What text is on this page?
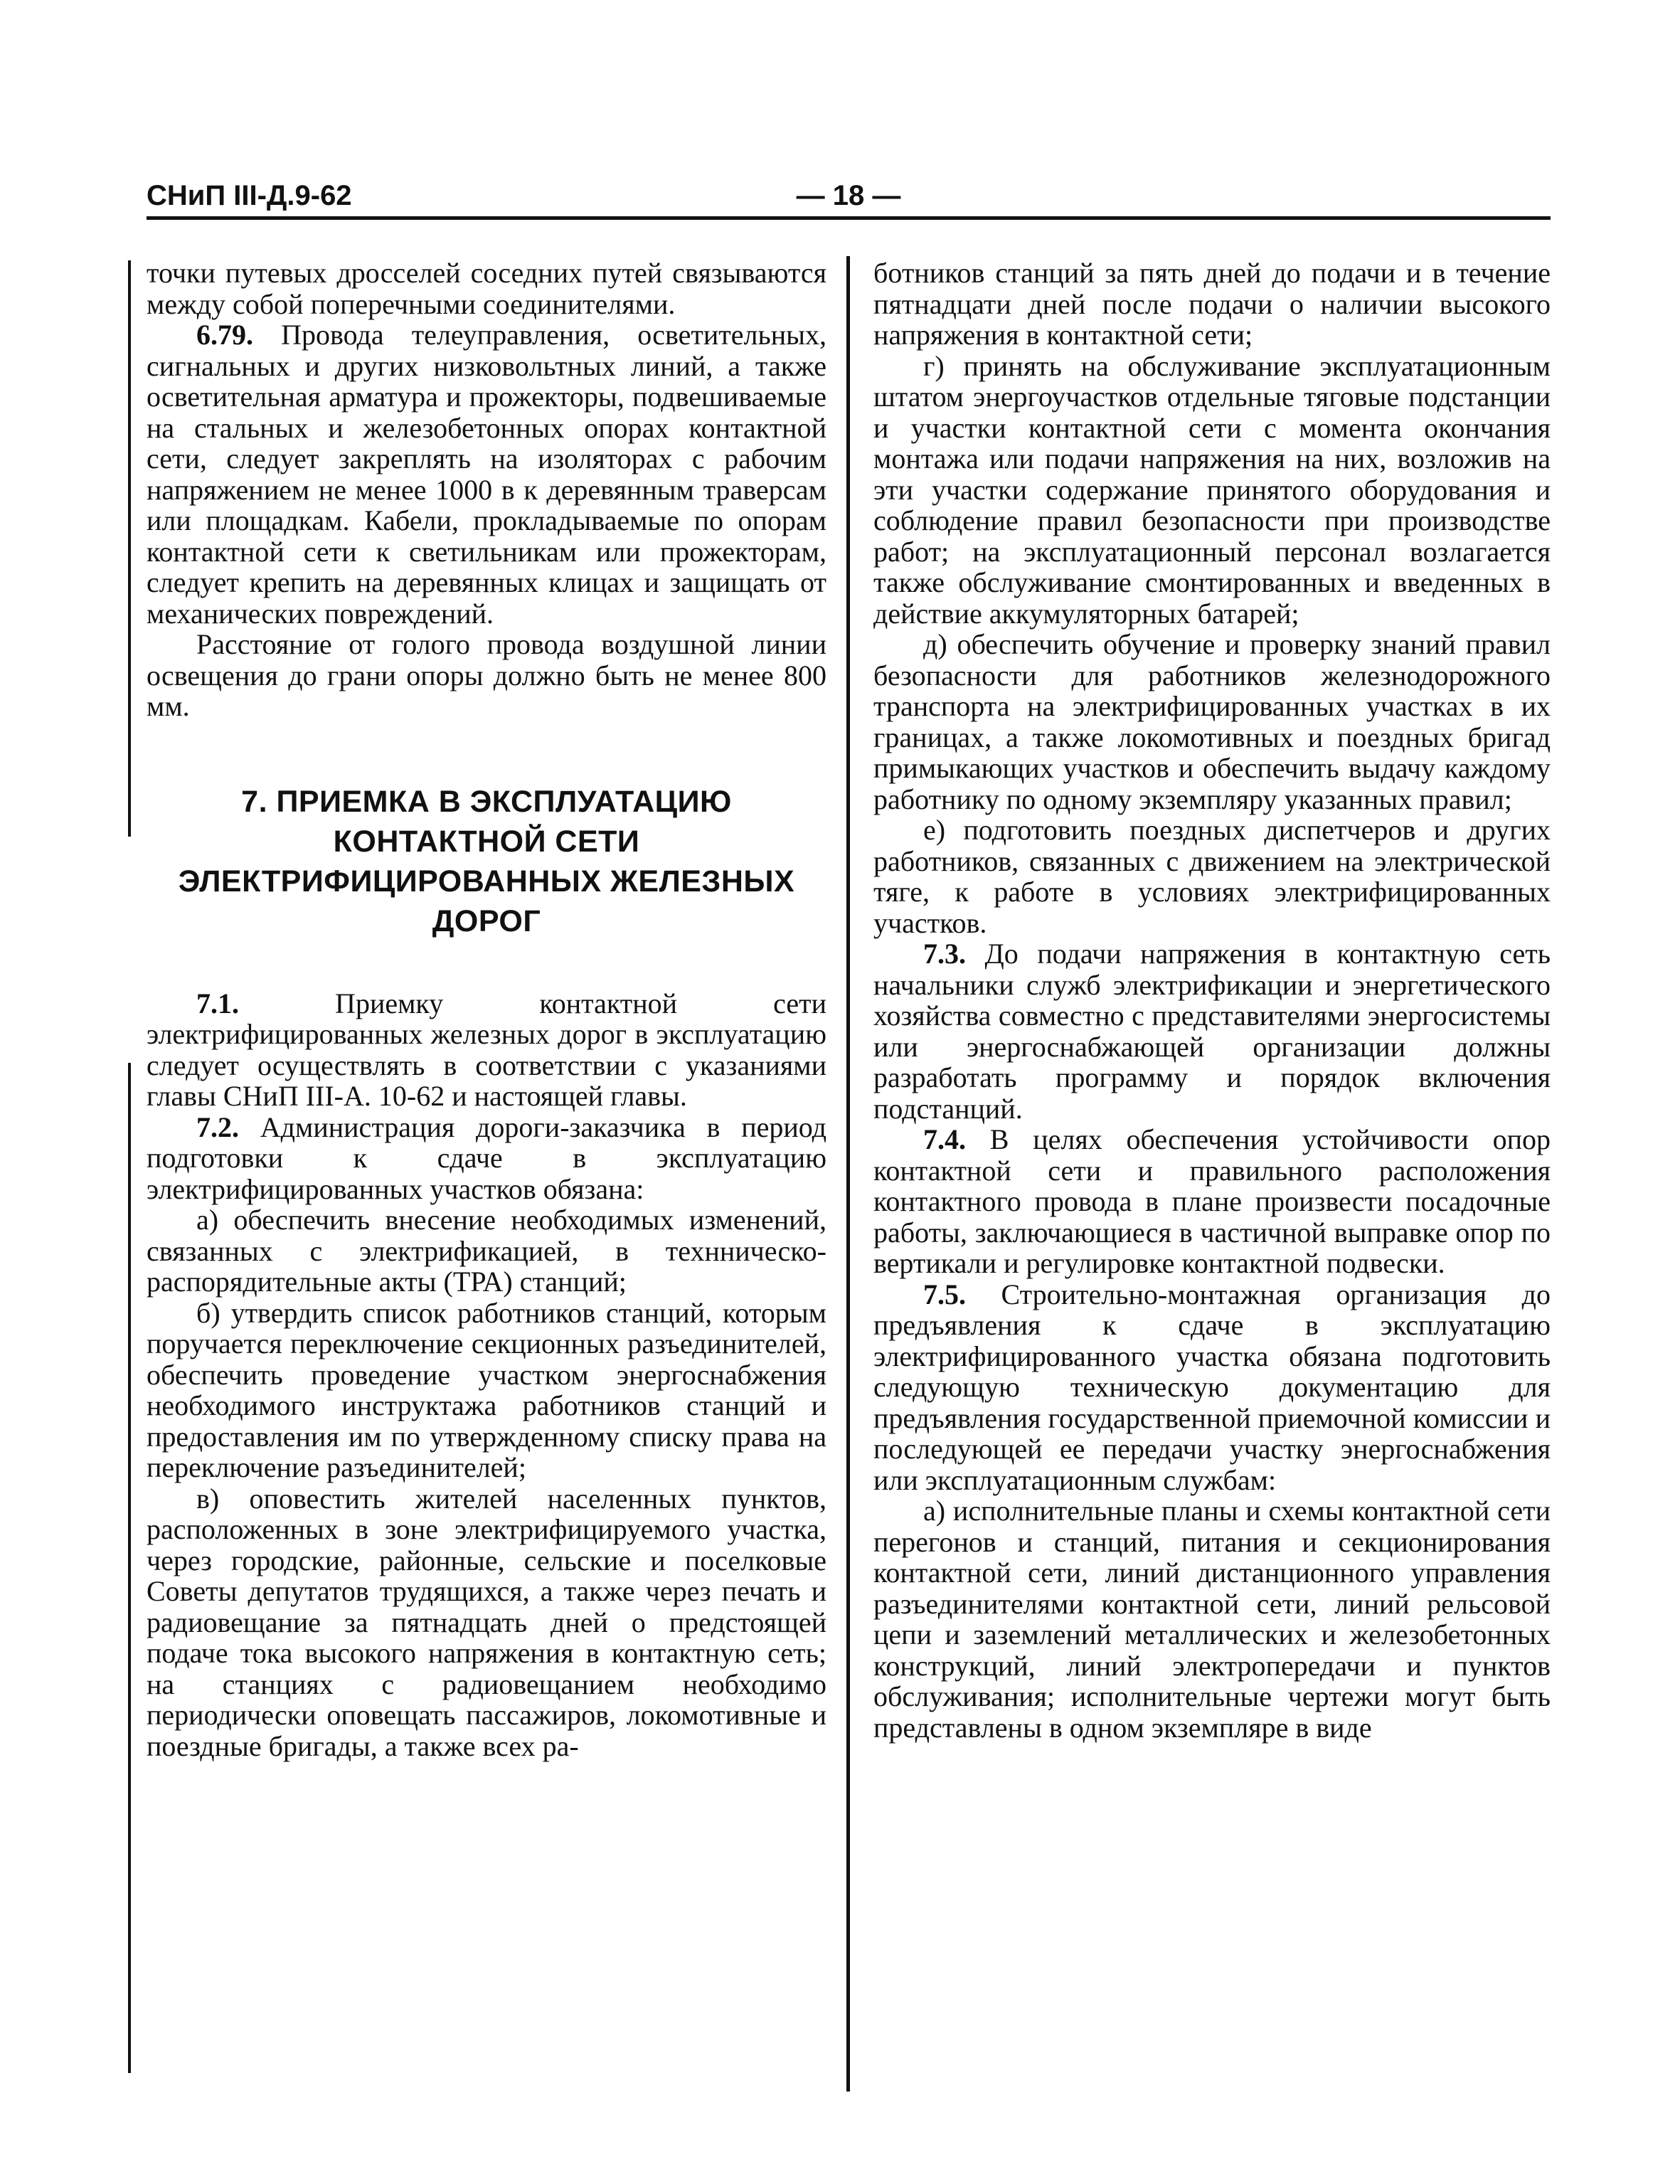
СНиП III-Д.9-62	— 18 —

точки путевых дросселей соседних путей связываются между собой поперечными соединителями.

6.79. Провода телеуправления, осветительных, сигнальных и других низковольтных линий, а также осветительная арматура и прожекторы, подвешиваемые на стальных и железобетонных опорах контактной сети, следует закреплять на изоляторах с рабочим напряжением не менее 1000 в к деревянным траверсам или площадкам. Кабели, прокладываемые по опорам контактной сети к светильникам или прожекторам, следует крепить на деревянных клицах и защищать от механических повреждений.

Расстояние от голого провода воздушной линии освещения до грани опоры должно быть не менее 800 мм.

7. ПРИЕМКА В ЭКСПЛУАТАЦИЮ
КОНТАКТНОЙ СЕТИ
ЭЛЕКТРИФИЦИРОВАННЫХ ЖЕЛЕЗНЫХ
ДОРОГ

7.1. Приемку контактной сети электрифицированных железных дорог в эксплуатацию следует осуществлять в соответствии с указаниями главы СНиП III-А. 10-62 и настоящей главы.

7.2. Администрация дороги-заказчика в период подготовки к сдаче в эксплуатацию электрифицированных участков обязана:

а) обеспечить внесение необходимых изменений, связанных с электрификацией, в технническо-распорядительные акты (ТРА) станций;

б) утвердить список работников станций, которым поручается переключение секционных разъединителей, обеспечить проведение участком энергоснабжения необходимого инструктажа работников станций и предоставления им по утвержденному списку права на переключение разъединителей;

в) оповестить жителей населенных пунктов, расположенных в зоне электрифицируемого участка, через городские, районные, сельские и поселковые Советы депутатов трудящихся, а также через печать и радиовещание за пятнадцать дней о предстоящей подаче тока высокого напряжения в контактную сеть; на станциях с радиовещанием необходимо периодически оповещать пассажиров, локомотивные и поездные бригады, а также всех ра-

ботников станций за пять дней до подачи и в течение пятнадцати дней после подачи о наличии высокого напряжения в контактной сети;

г) принять на обслуживание эксплуатационным штатом энергоучастков отдельные тяговые подстанции и участки контактной сети с момента окончания монтажа или подачи напряжения на них, возложив на эти участки содержание принятого оборудования и соблюдение правил безопасности при производстве работ; на эксплуатационный персонал возлагается также обслуживание смонтированных и введенных в действие аккумуляторных батарей;

д) обеспечить обучение и проверку знаний правил безопасности для работников железнодорожного транспорта на электрифицированных участках в их границах, а также локомотивных и поездных бригад примыкающих участков и обеспечить выдачу каждому работнику по одному экземпляру указанных правил;

е) подготовить поездных диспетчеров и других работников, связанных с движением на электрической тяге, к работе в условиях электрифицированных участков.

7.3. До подачи напряжения в контактную сеть начальники служб электрификации и энергетического хозяйства совместно с представителями энергосистемы или энергоснабжающей организации должны разработать программу и порядок включения подстанций.

7.4. В целях обеспечения устойчивости опор контактной сети и правильного расположения контактного провода в плане произвести посадочные работы, заключающиеся в частичной выправке опор по вертикали и регулировке контактной подвески.

7.5. Строительно-монтажная организация до предъявления к сдаче в эксплуатацию электрифицированного участка обязана подготовить следующую техническую документацию для предъявления государственной приемочной комиссии и последующей ее передачи участку энергоснабжения или эксплуатационным службам:

а) исполнительные планы и схемы контактной сети перегонов и станций, питания и секционирования контактной сети, линий дистанционного управления разъединителями контактной сети, линий рельсовой цепи и заземлений металлических и железобетонных конструкций, линий электропередачи и пунктов обслуживания; исполнительные чертежи могут быть представлены в одном экземпляре в виде
